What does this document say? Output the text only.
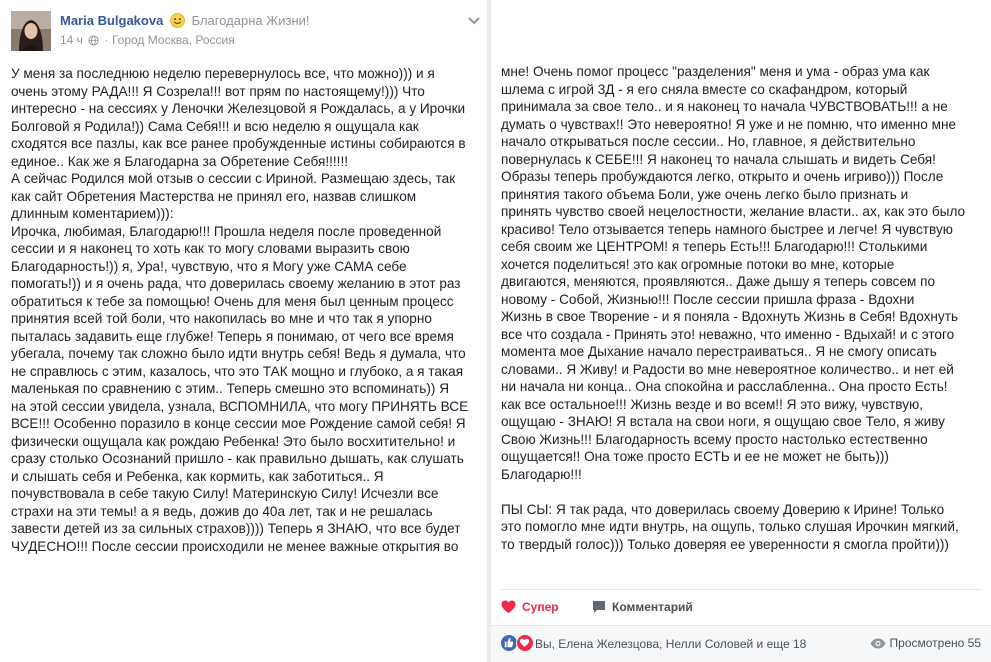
Maria Bulgakova Благодарна Жизни!
14 ч · Город Москва, Россия
У меня за последнюю неделю перевернулось все, что можно))) и я
очень этому РАДА!!! Я Созрела!!! вот прям по настоящему!))) Что
интересно - на сессиях у Леночки Железцовой я Рождалась, а у Ирочки
Болговой я Родила!)) Сама Себя!!! и всю неделю я ощущала как
сходятся все пазлы, как все ранее пробужденные истины собираются в
единое.. Как же я Благодарна за Обретение Себя!!!!!!
А сейчас Родился мой отзыв о сессии с Ириной. Размещаю здесь, так
как сайт Обретения Мастерства не принял его, назвав слишком
длинным коментарием))):
Ирочка, любимая, Благодарю!!! Прошла неделя после проведенной
сессии и я наконец то хоть как то могу словами выразить свою
Благодарность!)) я, Ура!, чувствую, что я Могу уже САМА себе
помогать!)) и я очень рада, что доверилась своему желанию в этот раз
обратиться к тебе за помощью! Очень для меня был ценным процесс
принятия всей той боли, что накопилась во мне и что так я упорно
пыталась задавить еще глубже! Теперь я понимаю, от чего все время
убегала, почему так сложно было идти внутрь себя! Ведь я думала, что
не справлюсь с этим, казалось, что это ТАК мощно и глубоко, а я такая
маленькая по сравнению с этим.. Теперь смешно это вспоминать)) Я
на этой сессии увидела, узнала, ВСПОМНИЛА, что могу ПРИНЯТЬ ВСЕ
ВСЕ!!! Особенно поразило в конце сессии мое Рождение самой себя! Я
физически ощущала как рождаю Ребенка! Это было восхитительно! и
сразу столько Осознаний пришло - как правильно дышать, как слушать
и слышать себя и Ребенка, как кормить, как заботиться.. Я
почувствовала в себе такую Силу! Материнскую Силу! Исчезли все
страхи на эти темы! а я ведь, дожив до 40а лет, так и не решалась
завести детей из за сильных страхов)))) Теперь я ЗНАЮ, что все будет
ЧУДЕСНО!!! После сессии происходили не менее важные открытия во
мне! Очень помог процесс "разделения" меня и ума - образ ума как
шлема с игрой 3Д - я его сняла вместе со скафандром, который
принимала за свое тело.. и я наконец то начала ЧУВСТВОВАТЬ!!! а не
думать о чувствах!! Это невероятно! Я уже и не помню, что именно мне
начало открываться после сессии.. Но, главное, я действительно
повернулась к СЕБЕ!!! Я наконец то начала слышать и видеть Себя!
Образы теперь пробуждаются легко, открыто и очень игриво))) После
принятия такого объема Боли, уже очень легко было признать и
принять чувство своей нецелостности, желание власти.. ах, как это было
красиво! Тело отзывается теперь намного быстрее и легче! Я чувствую
себя своим же ЦЕНТРОМ! я теперь Есть!!! Благодарю!!! Столькими
хочется поделиться! это как огромные потоки во мне, которые
двигаются, меняются, проявляются.. Даже дышу я теперь совсем по
новому - Собой, Жизнью!!! После сессии пришла фраза - Вдохни
Жизнь в свое Творение - и я поняла - Вдохнуть Жизнь в Себя! Вдохнуть
все что создала - Принять это! неважно, что именно - Вдыхай! и с этого
момента мое Дыхание начало перестраиваться.. Я не смогу описать
словами.. Я Живу! и Радости во мне невероятное количество.. и нет ей
ни начала ни конца.. Она спокойна и расслабленна.. Она просто Есть!
как все остальное!!! Жизнь везде и во всем!! Я это вижу, чувствую,
ощущаю - ЗНАЮ! Я встала на свои ноги, я ощущаю свое Тело, я живу
Свою Жизнь!!! Благодарность всему просто настолько естественно
ощущается!! Она тоже просто ЕСТЬ и ее не может не быть)))
Благодарю!!!

ПЫ СЫ: Я так рада, что доверилась своему Доверию к Ирине! Только
это помогло мне идти внутрь, на ощупь, только слушая Ирочкин мягкий,
то твердый голос))) Только доверяя ее уверенности я смогла пройти)))
Супер	Комментарий
Вы, Елена Железцова, Нелли Соловей и еще 18	Просмотрено 55
